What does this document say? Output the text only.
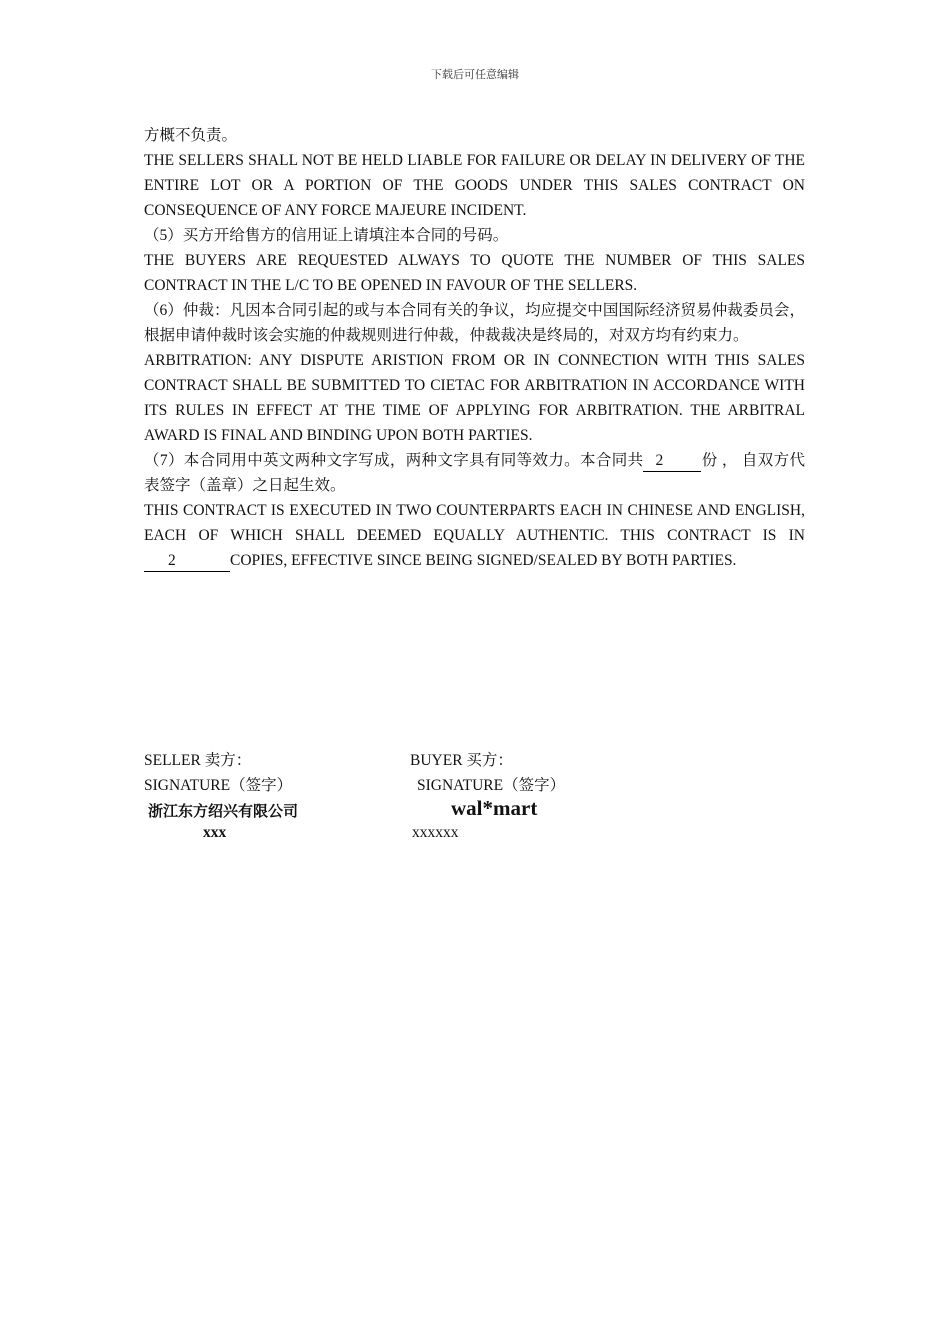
下载后可任意编辑

方概不负责。

THE SELLERS SHALL NOT BE HELD LIABLE FOR FAILURE OR DELAY IN DELIVERY OF THE ENTIRE LOT OR A PORTION OF THE GOODS UNDER THIS SALES CONTRACT ON CONSEQUENCE OF ANY FORCE MAJEURE INCIDENT.

（5）买方开给售方的信用证上请填注本合同的号码。

THE BUYERS ARE REQUESTED ALWAYS TO QUOTE THE NUMBER OF THIS SALES CONTRACT IN THE L/C TO BE OPENED IN FAVOUR OF THE SELLERS.

（6）仲裁：凡因本合同引起的或与本合同有关的争议，均应提交中国国际经济贸易仲裁委员会，根据申请仲裁时该会实施的仲裁规则进行仲裁，仲裁裁决是终局的，对双方均有约束力。

ARBITRATION: ANY DISPUTE ARISTION FROM OR IN CONNECTION WITH THIS SALES CONTRACT SHALL BE SUBMITTED TO CIETAC FOR ARBITRATION IN ACCORDANCE WITH ITS RULES IN EFFECT AT THE TIME OF APPLYING FOR ARBITRATION. THE ARBITRAL AWARD IS FINAL AND BINDING UPON BOTH PARTIES.

（7）本合同用中英文两种文字写成，两种文字具有同等效力。本合同共 2 份 ， 自双方代表签字（盖章）之日起生效。

THIS CONTRACT IS EXECUTED IN TWO COUNTERPARTS EACH IN CHINESE AND ENGLISH, EACH OF WHICH SHALL DEEMED EQUALLY AUTHENTIC. THIS CONTRACT IS IN2	COPIES, EFFECTIVE SINCE BEING SIGNED/SEALED BY BOTH PARTIES.

SELLER 卖方：
SIGNATURE（签字）
浙江东方绍兴有限公司
xxx
BUYER 买方：
SIGNATURE（签字）
wal*mart
xxxxxx
